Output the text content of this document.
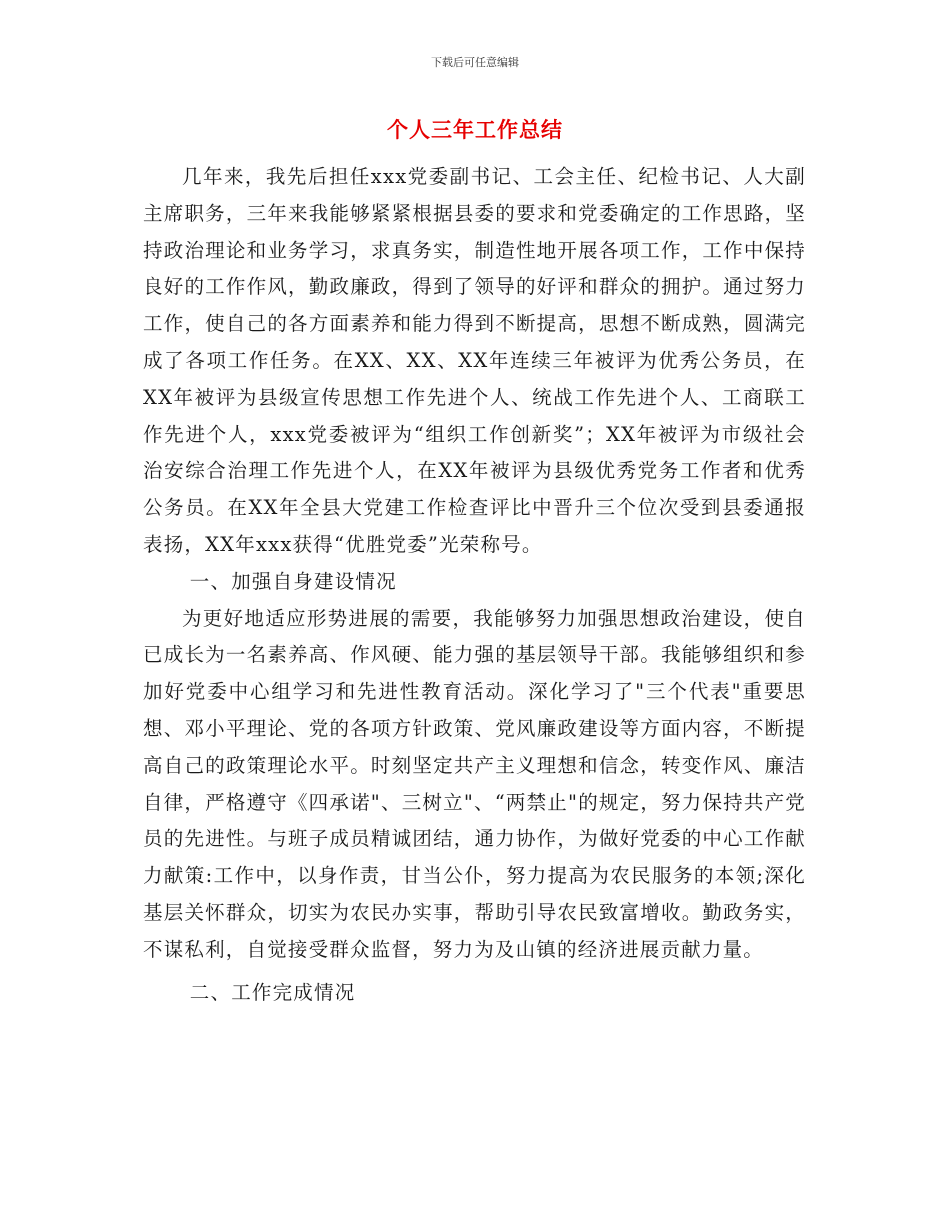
下载后可任意编辑
个人三年工作总结

几年来，我先后担任xxx党委副书记、工会主任、纪检书记、人大副主席职务，三年来我能够紧紧根据县委的要求和党委确定的工作思路，坚持政治理论和业务学习，求真务实，制造性地开展各项工作，工作中保持良好的工作作风，勤政廉政，得到了领导的好评和群众的拥护。通过努力工作，使自己的各方面素养和能力得到不断提高，思想不断成熟，圆满完成了各项工作任务。在XX、XX、XX年连续三年被评为优秀公务员，在XX年被评为县级宣传思想工作先进个人、统战工作先进个人、工商联工作先进个人，xxx党委被评为“组织工作创新奖”；XX年被评为市级社会治安综合治理工作先进个人，在XX年被评为县级优秀党务工作者和优秀公务员。在XX年全县大党建工作检查评比中晋升三个位次受到县委通报表扬，XX年xxx获得“优胜党委”光荣称号。

一、加强自身建设情况

为更好地适应形势进展的需要，我能够努力加强思想政治建设，使自已成长为一名素养高、作风硬、能力强的基层领导干部。我能够组织和参加好党委中心组学习和先进性教育活动。深化学习了"三个代表"重要思想、邓小平理论、党的各项方针政策、党风廉政建设等方面内容，不断提高自己的政策理论水平。时刻坚定共产主义理想和信念，转变作风、廉洁自律，严格遵守《四承诺"、三树立"、“两禁止"的规定，努力保持共产党员的先进性。与班子成员精诚团结，通力协作，为做好党委的中心工作献力献策:工作中，以身作责，甘当公仆，努力提高为农民服务的本领;深化基层关怀群众，切实为农民办实事，帮助引导农民致富增收。勤政务实，不谋私利，自觉接受群众监督，努力为及山镇的经济进展贡献力量。

二、工作完成情况
